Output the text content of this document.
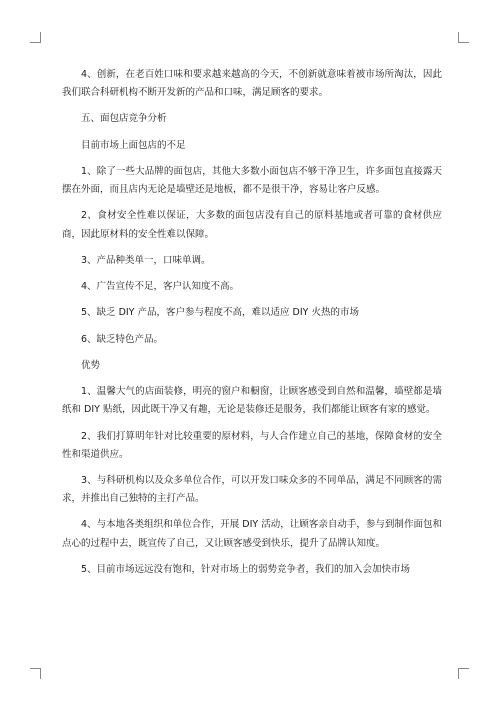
4、创新，在老百姓口味和要求越来越高的今天，不创新就意味着被市场所淘汰，因此我们联合科研机构不断开发新的产品和口味，满足顾客的要求。

五、面包店竞争分析

目前市场上面包店的不足

1、除了一些大品牌的面包店，其他大多数小面包店不够干净卫生，许多面包直接露天摆在外面，而且店内无论是墙壁还是地板，都不是很干净，容易让客户反感。

2、食材安全性难以保证，大多数的面包店没有自己的原料基地或者可靠的食材供应商，因此原材料的安全性难以保障。

3、产品种类单一，口味单调。

4、广告宣传不足，客户认知度不高。

5、缺乏 DIY 产品，客户参与程度不高，难以适应 DIY 火热的市场

6、缺乏特色产品。

优势

1、温馨大气的店面装修，明亮的窗户和橱窗，让顾客感受到自然和温馨，墙壁都是墙纸和 DIY 贴纸，因此既干净又有趣，无论是装修还是服务，我们都能让顾客有家的感觉。

2、我们打算明年针对比较重要的原材料，与人合作建立自己的基地，保障食材的安全性和渠道供应。

3、与科研机构以及众多单位合作，可以开发口味众多的不同单品，满足不同顾客的需求，并推出自己独特的主打产品。

4、与本地各类组织和单位合作，开展 DIY 活动，让顾客亲自动手，参与到制作面包和点心的过程中去，既宣传了自己，又让顾客感受到快乐，提升了品牌认知度。

5、目前市场远远没有饱和，针对市场上的弱势竞争者，我们的加入会加快市场
